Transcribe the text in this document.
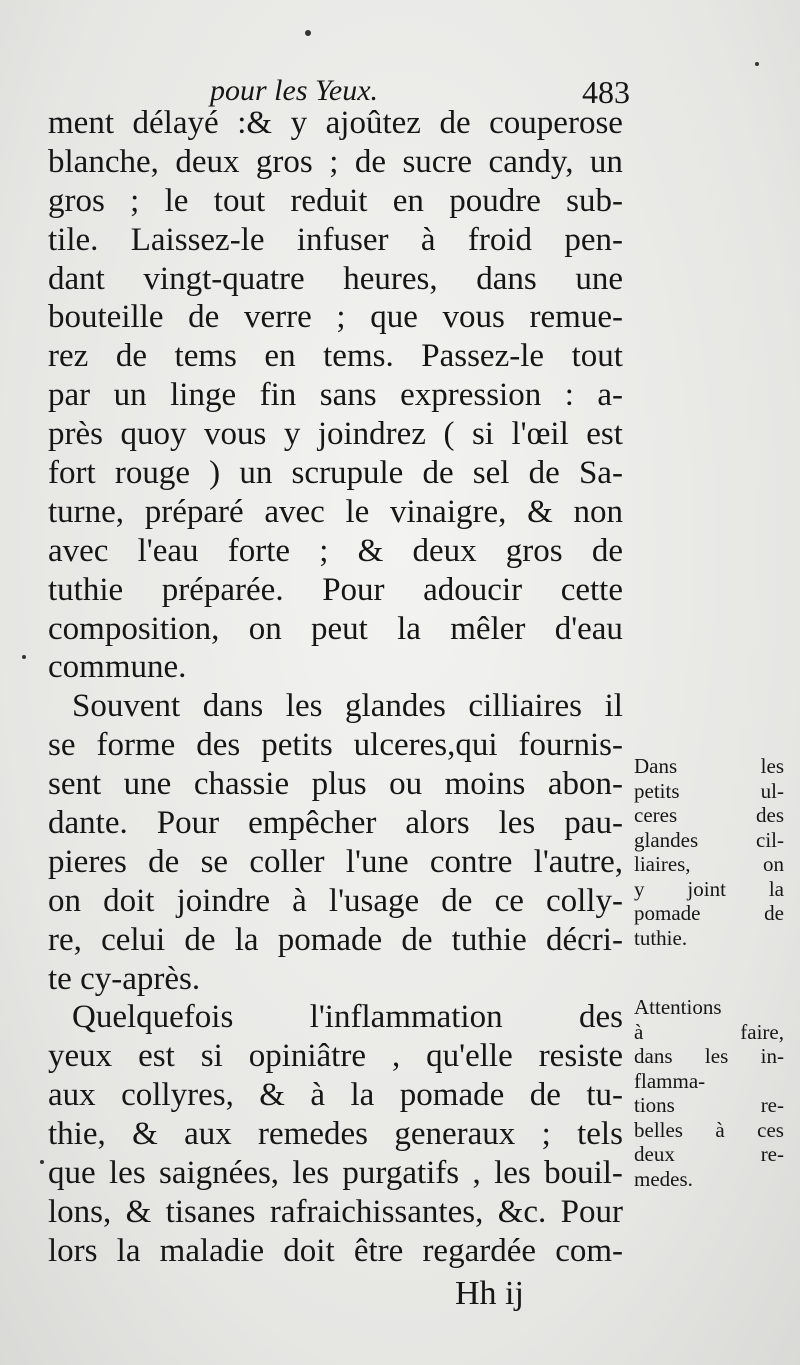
pour les Yeux.	483
ment délayé :& y ajoûtez de couperose
blanche, deux gros ; de sucre candy, un
gros ; le tout reduit en poudre sub-
tile. Laissez-le infuser à froid pen-
dant vingt-quatre heures, dans une
bouteille de verre ; que vous remue-
rez de tems en tems. Passez-le tout
par un linge fin sans expression : a-
près quoy vous y joindrez ( si l'œil est
fort rouge ) un scrupule de sel de Sa-
turne, préparé avec le vinaigre, & non
avec l'eau forte ; & deux gros de
tuthie préparée. Pour adoucir cette
composition, on peut la mêler d'eau
commune.
Souvent dans les glandes cilliaires il
se forme des petits ulceres,qui fournis-
sent une chassie plus ou moins abon-
dante. Pour empêcher alors les pau-
pieres de se coller l'une contre l'autre,
on doit joindre à l'usage de ce colly-
re, celui de la pomade de tuthie décri-
te cy-après.
Quelquefois l'inflammation des
yeux est si opiniâtre , qu'elle resiste
aux collyres, & à la pomade de tu-
thie, & aux remedes generaux ; tels
que les saignées, les purgatifs , les bouil-
lons, & tisanes rafraichissantes, &c. Pour
lors la maladie doit être regardée com-
Dans	les
petits	ul-
ceres	des
glandes	cil-
liaires,	on
y joint la
pomade	de
tuthie.
Attentions
à	faire,
dans les in-
flamma-
tions	re-
belles à ces
deux	re-
medes.
Hh ij
